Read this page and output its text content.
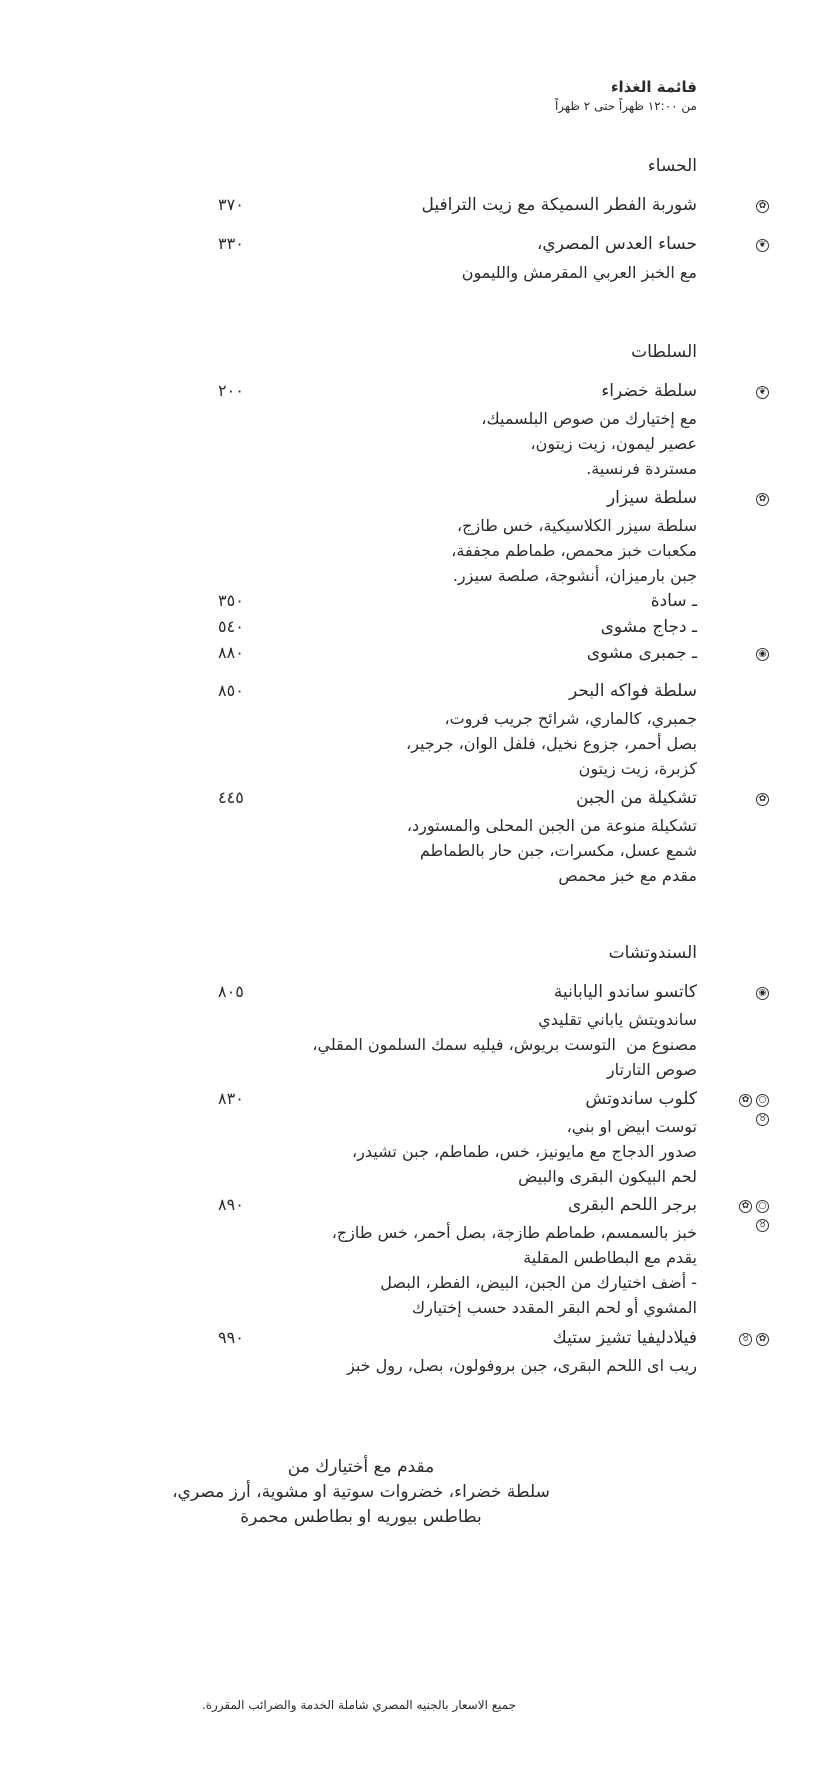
قائمة الغذاء
من ١٢:٠٠ ظهراً حتى ٢ ظهراً
الحساء
✿
شوربة الفطر السميكة مع زيت الترافيل
٣٧٠
❦
حساء العدس المصري،
مع الخبز العربي المقرمش والليمون
٣٣٠
السلطات
❦
سلطة خضراء
مع إختيارك من صوص البلسميك،
عصير ليمون، زيت زيتون،
مستردة فرنسية.
٢٠٠
✿
سلطة سيزار
سلطة سيزر الكلاسيكية، خس طازج،
مكعبات خبز محمص، طماطم مجففة،
جبن بارميزان، أنشوجة، صلصة سيزر.
ـ سادة
٣٥٠
ـ دجاج مشوى
٥٤٠
◉
ـ جمبرى مشوى
٨٨٠
سلطة فواكه البحر
جمبري، كالماري، شرائح جريب فروت،
بصل أحمر، جزوع نخيل، فلفل الوان، جرجير،
كزبرة، زيت زيتون
٨٥٠
✿
تشكيلة من الجبن
تشكيلة منوعة من الجبن المحلى والمستورد،
شمع عسل، مكسرات، جبن حار بالطماطم
مقدم مع خبز محمص
٤٤٥
السندوتشات
◉
كاتسو ساندو اليابانية
ساندويتش ياباني تقليدي
مصنوع من  التوست بريوش، فيليه سمك السلمون المقلي،
صوص التارتار
٨٠٥
○
✿
♉
كلوب ساندوتش
توست ابيض او بني،
صدور الدجاج مع مايونيز، خس، طماطم، جبن تشيدر،
لحم البيكون البقرى والبيض
٨٣٠
○
✿
♉
برجر اللحم البقرى
خبز بالسمسم، طماطم طازجة، بصل أحمر، خس طازج،
يقدم مع البطاطس المقلية
- أضف اختيارك من الجبن، البيض، الفطر، البصل
المشوي أو لحم البقر المقدد حسب إختيارك
٨٩٠
✿
♉
فيلادليفيا تشيز ستيك
ريب اى اللحم البقرى، جبن بروفولون، بصل، رول خبز
٩٩٠
مقدم مع أختيارك من
سلطة خضراء، خضروات سوتية او مشوية، أرز مصري،
بطاطس بيوريه او بطاطس محمرة
جميع الاسعار بالجنيه المصري شاملة الخدمة والضرائب المقررة.
